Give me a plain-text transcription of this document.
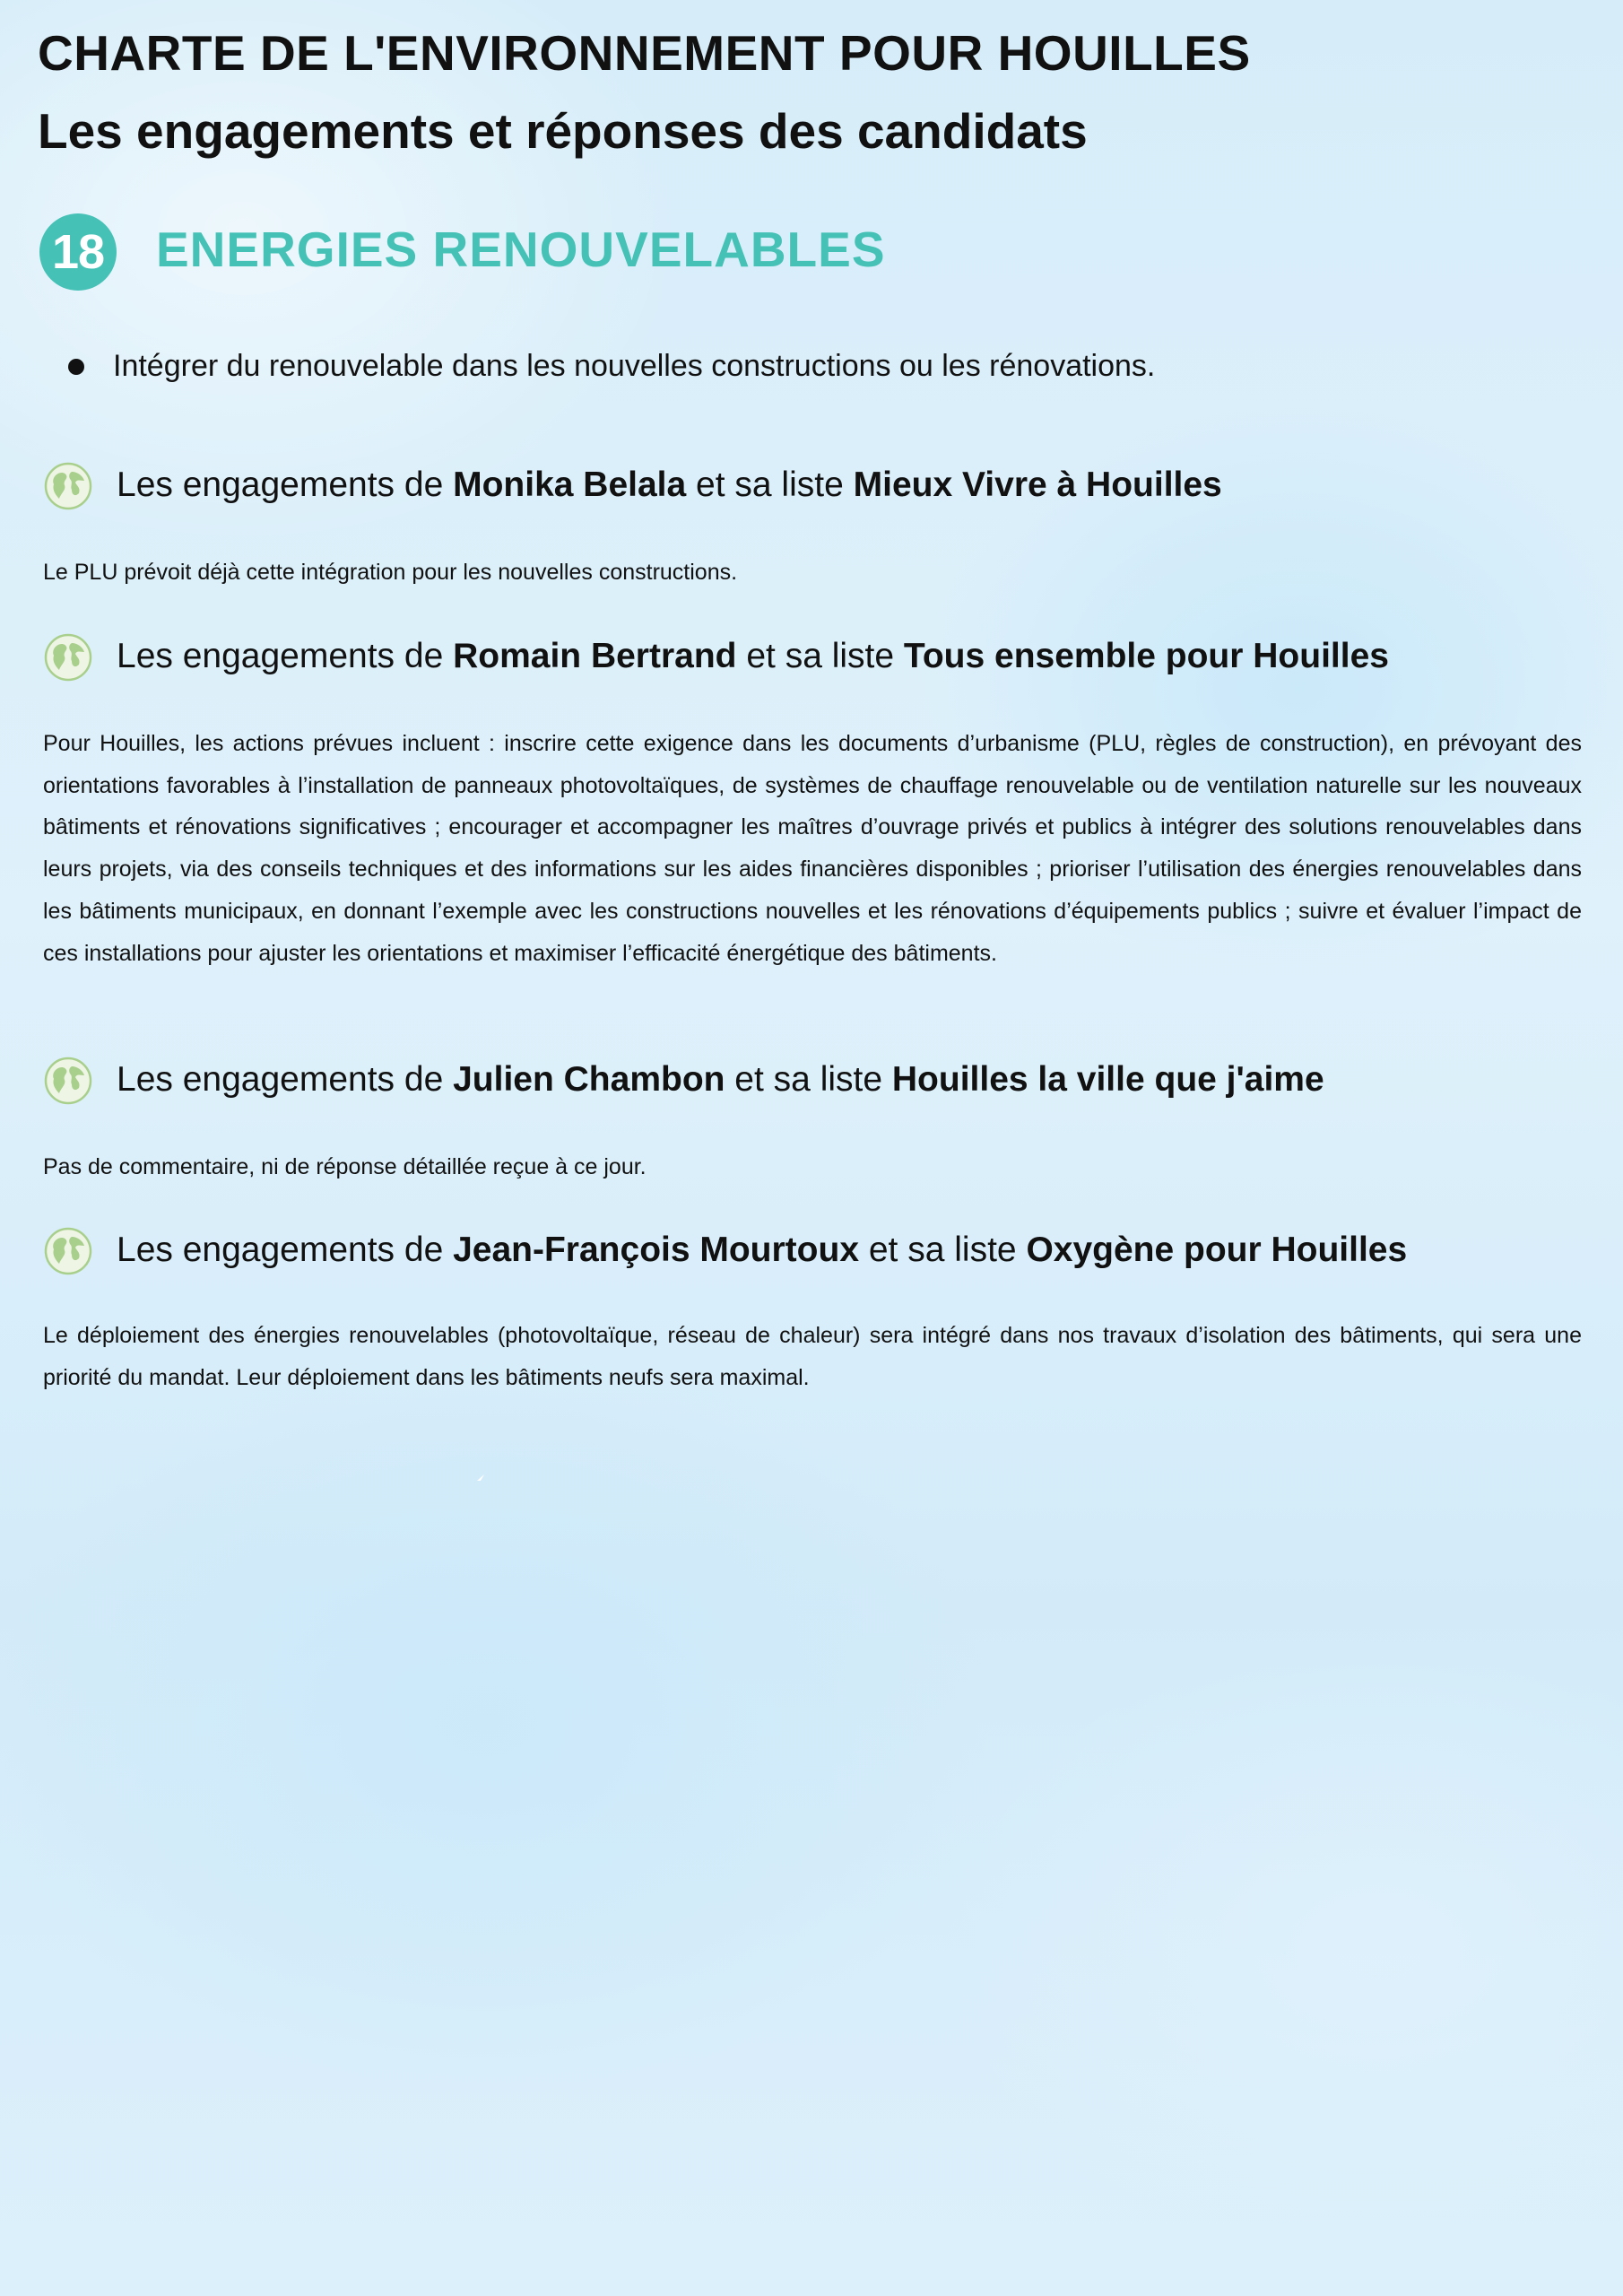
CHARTE DE L'ENVIRONNEMENT POUR HOUILLES
Les engagements et réponses des candidats
18 ENERGIES RENOUVELABLES
Intégrer du renouvelable dans les nouvelles constructions ou les rénovations.
Les engagements de Monika Belala et sa liste Mieux Vivre à Houilles

Le PLU prévoit déjà cette intégration pour les nouvelles constructions.

Les engagements de Romain Bertrand et sa liste Tous ensemble pour Houilles

Pour Houilles, les actions prévues incluent : inscrire cette exigence dans les documents d’urbanisme (PLU, règles de construction), en prévoyant des orientations favorables à l’installation de panneaux photovoltaïques, de systèmes de chauffage renouvelable ou de ventilation naturelle sur les nouveaux bâtiments et rénovations significatives ; encourager et accompagner les maîtres d’ouvrage privés et publics à intégrer des solutions renouvelables dans leurs projets, via des conseils techniques et des informations sur les aides financières disponibles ; prioriser l’utilisation des énergies renouvelables dans les bâtiments municipaux, en donnant l’exemple avec les constructions nouvelles et les rénovations d’équipements publics ; suivre et évaluer l’impact de ces installations pour ajuster les orientations et maximiser l’efficacité énergétique des bâtiments.

Les engagements de Julien Chambon et sa liste Houilles la ville que j'aime

Pas de commentaire, ni de réponse détaillée reçue à ce jour.

Les engagements de Jean-François Mourtoux et sa liste Oxygène pour Houilles

Le déploiement des énergies renouvelables (photovoltaïque, réseau de chaleur) sera intégré dans nos travaux d’isolation des bâtiments, qui sera une priorité du mandat. Leur déploiement dans les bâtiments neufs sera maximal.
